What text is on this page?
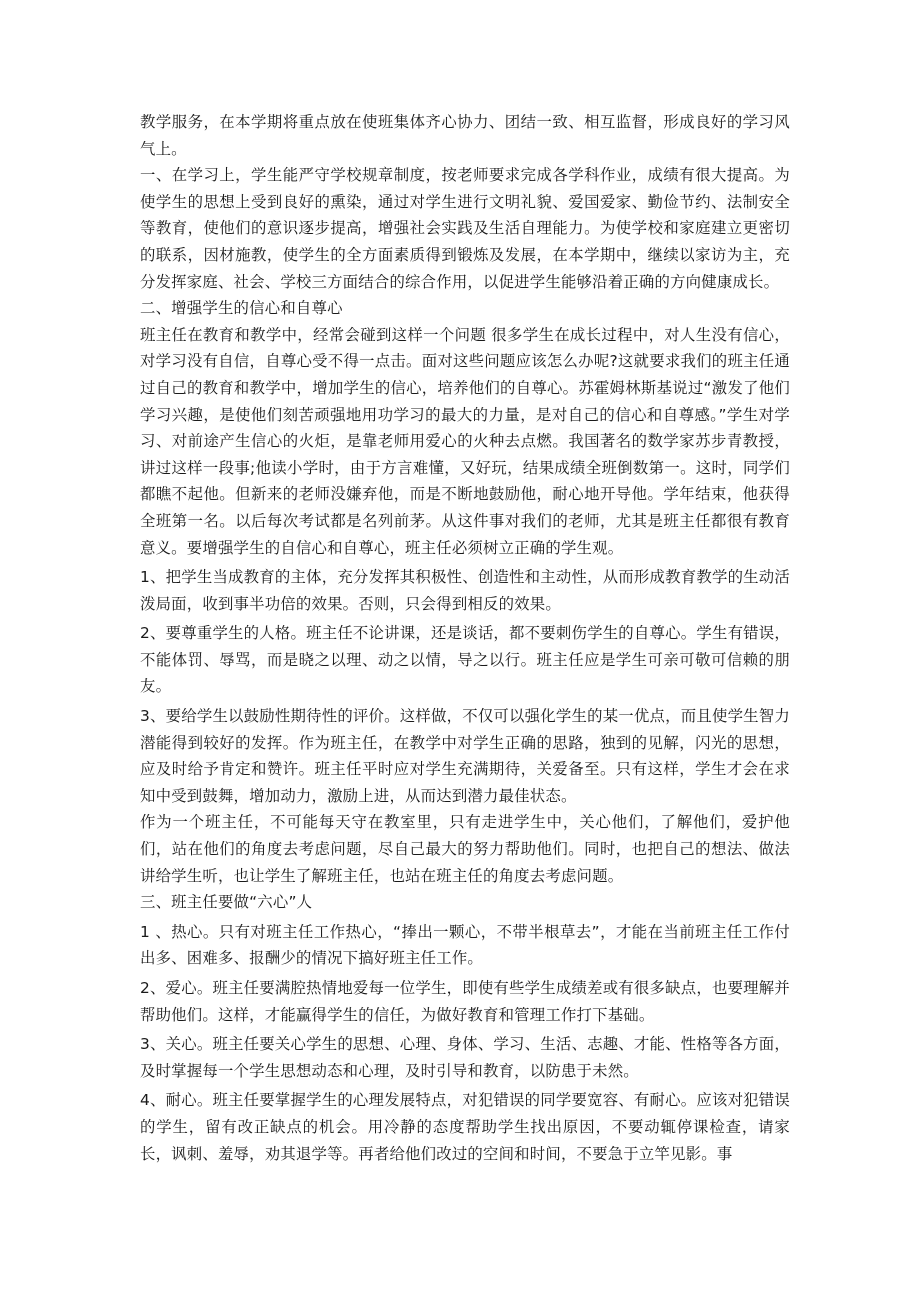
教学服务，在本学期将重点放在使班集体齐心协力、团结一致、相互监督，形成良好的学习风气上。

一、在学习上，学生能严守学校规章制度，按老师要求完成各学科作业，成绩有很大提高。为使学生的思想上受到良好的熏染，通过对学生进行文明礼貌、爱国爱家、勤俭节约、法制安全等教育，使他们的意识逐步提高，增强社会实践及生活自理能力。为使学校和家庭建立更密切的联系，因材施教，使学生的全方面素质得到锻炼及发展，在本学期中，继续以家访为主，充分发挥家庭、社会、学校三方面结合的综合作用，以促进学生能够沿着正确的方向健康成长。

二、增强学生的信心和自尊心

班主任在教育和教学中，经常会碰到这样一个问题 很多学生在成长过程中，对人生没有信心，对学习没有自信，自尊心受不得一点击。面对这些问题应该怎么办呢?这就要求我们的班主任通过自己的教育和教学中，增加学生的信心，培养他们的自尊心。苏霍姆林斯基说过“激发了他们学习兴趣，是使他们刻苦顽强地用功学习的最大的力量，是对自己的信心和自尊感。”学生对学习、对前途产生信心的火炬，是靠老师用爱心的火种去点燃。我国著名的数学家苏步青教授，讲过这样一段事;他读小学时，由于方言难懂，又好玩，结果成绩全班倒数第一。这时，同学们都瞧不起他。但新来的老师没嫌弃他，而是不断地鼓励他，耐心地开导他。学年结束，他获得全班第一名。以后每次考试都是名列前茅。从这件事对我们的老师，尤其是班主任都很有教育意义。要增强学生的自信心和自尊心，班主任必须树立正确的学生观。

1、把学生当成教育的主体，充分发挥其积极性、创造性和主动性，从而形成教育教学的生动活泼局面，收到事半功倍的效果。否则，只会得到相反的效果。

2、要尊重学生的人格。班主任不论讲课，还是谈话，都不要刺伤学生的自尊心。学生有错误，不能体罚、辱骂，而是晓之以理、动之以情，导之以行。班主任应是学生可亲可敬可信赖的朋友。

3、要给学生以鼓励性期待性的评价。这样做，不仅可以强化学生的某一优点，而且使学生智力潜能得到较好的发挥。作为班主任，在教学中对学生正确的思路，独到的见解，闪光的思想，应及时给予肯定和赞许。班主任平时应对学生充满期待，关爱备至。只有这样，学生才会在求知中受到鼓舞，增加动力，激励上进，从而达到潜力最佳状态。

作为一个班主任，不可能每天守在教室里，只有走进学生中，关心他们，了解他们，爱护他们，站在他们的角度去考虑问题，尽自己最大的努力帮助他们。同时，也把自己的想法、做法讲给学生听，也让学生了解班主任，也站在班主任的角度去考虑问题。

三、班主任要做“六心”人

1 、热心。只有对班主任工作热心，“捧出一颗心，不带半根草去”，才能在当前班主任工作付出多、困难多、报酬少的情况下搞好班主任工作。

2、爱心。班主任要满腔热情地爱每一位学生，即使有些学生成绩差或有很多缺点，也要理解并帮助他们。这样，才能赢得学生的信任，为做好教育和管理工作打下基础。

3、关心。班主任要关心学生的思想、心理、身体、学习、生活、志趣、才能、性格等各方面，及时掌握每一个学生思想动态和心理，及时引导和教育，以防患于未然。

4、耐心。班主任要掌握学生的心理发展特点，对犯错误的同学要宽容、有耐心。应该对犯错误的学生，留有改正缺点的机会。用冷静的态度帮助学生找出原因，不要动辄停课检查，请家长，讽刺、羞辱，劝其退学等。再者给他们改过的空间和时间，不要急于立竿见影。事
